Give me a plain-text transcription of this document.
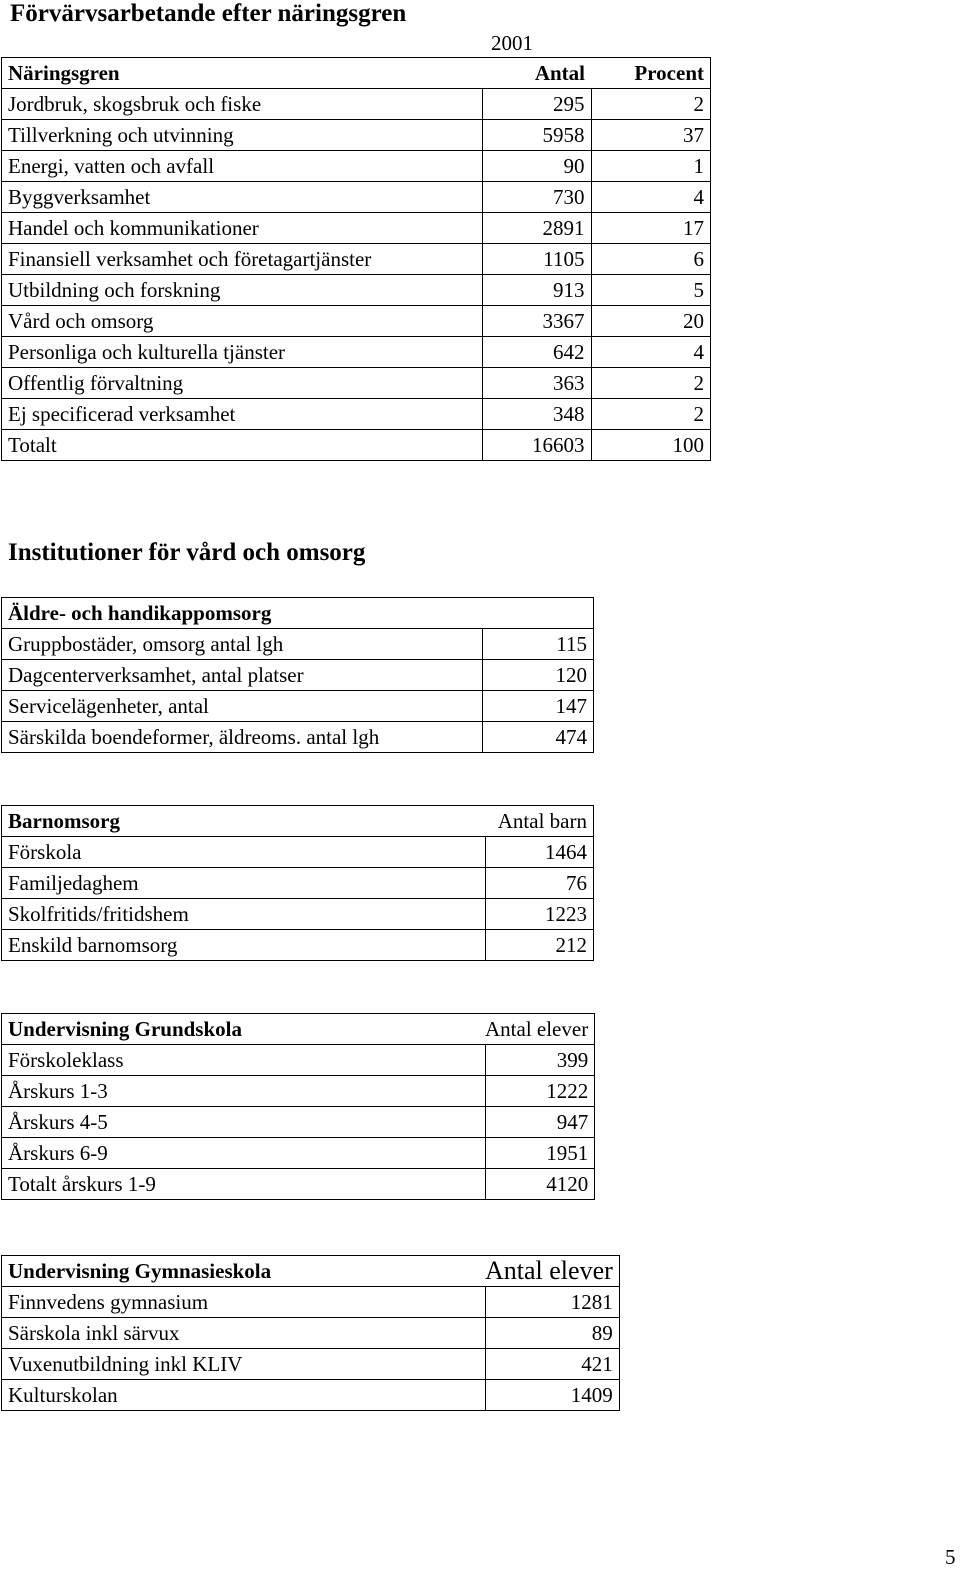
Förvärvsarbetande efter näringsgren
2001
Näringsgren	Antal	Procent
Jordbruk, skogsbruk och fiske	295	2
Tillverkning och utvinning	5958	37
Energi, vatten och avfall	90	1
Byggverksamhet	730	4
Handel och kommunikationer	2891	17
Finansiell verksamhet och företagartjänster	1105	6
Utbildning och forskning	913	5
Vård och omsorg	3367	20
Personliga och kulturella tjänster	642	4
Offentlig förvaltning	363	2
Ej specificerad verksamhet	348	2
Totalt	16603	100
Institutioner för vård och omsorg
Äldre- och handikappomsorg	
Gruppbostäder, omsorg antal lgh	115
Dagcenterverksamhet, antal platser	120
Servicelägenheter, antal	147
Särskilda boendeformer, äldreoms. antal lgh	474
Barnomsorg	Antal barn
Förskola	1464
Familjedaghem	76
Skolfritids/fritidshem	1223
Enskild barnomsorg	212
Undervisning Grundskola	Antal elever
Förskoleklass	399
Årskurs 1-3	1222
Årskurs 4-5	947
Årskurs 6-9	1951
Totalt årskurs 1-9	4120
Undervisning Gymnasieskola	Antal elever
Finnvedens gymnasium	1281
Särskola inkl särvux	89
Vuxenutbildning inkl KLIV	421
Kulturskolan	1409
5
